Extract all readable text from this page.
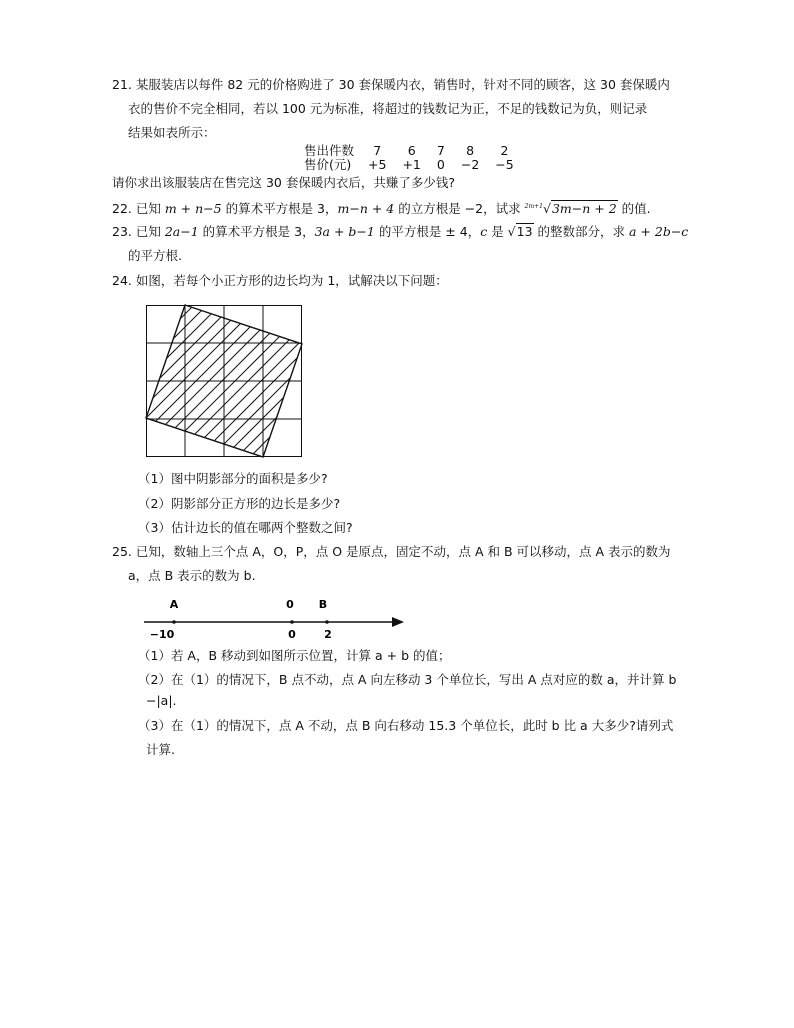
21. 某服装店以每件 82 元的价格购进了 30 套保暖内衣，销售时，针对不同的顾客，这 30 套保暖内
衣的售价不完全相同，若以 100 元为标准，将超过的钱数记为正，不足的钱数记为负，则记录
结果如表所示：
售出件数	7	6	7	8	2
售价(元)	+5	+1	0	−2	−5
请你求出该服装店在售完这 30 套保暖内衣后，共赚了多少钱?
22. 已知 m + n−5 的算术平方根是 3，m−n + 4 的立方根是 −2，试求 $^{2m+1}$√3m−n + 2 的值.
23. 已知 2a−1 的算术平方根是 3，3a + b−1 的平方根是 ± 4，c 是 √13 的整数部分，求 a + 2b−c
的平方根.
24. 如图，若每个小正方形的边长均为 1，试解决以下问题：
（1）图中阴影部分的面积是多少?
（2）阴影部分正方形的边长是多少?
（3）估计边长的值在哪两个整数之间?
25. 已知，数轴上三个点 A，O，P，点 O 是原点，固定不动，点 A 和 B 可以移动，点 A 表示的数为
a，点 B 表示的数为 b.
A	0 B
−10	0	2
（1）若 A，B 移动到如图所示位置，计算 a + b 的值；
（2）在（1）的情况下，B 点不动，点 A 向左移动 3 个单位长，写出 A 点对应的数 a，并计算 b
−|a|.
（3）在（1）的情况下，点 A 不动，点 B 向右移动 15.3 个单位长，此时 b 比 a 大多少?请列式
计算.
